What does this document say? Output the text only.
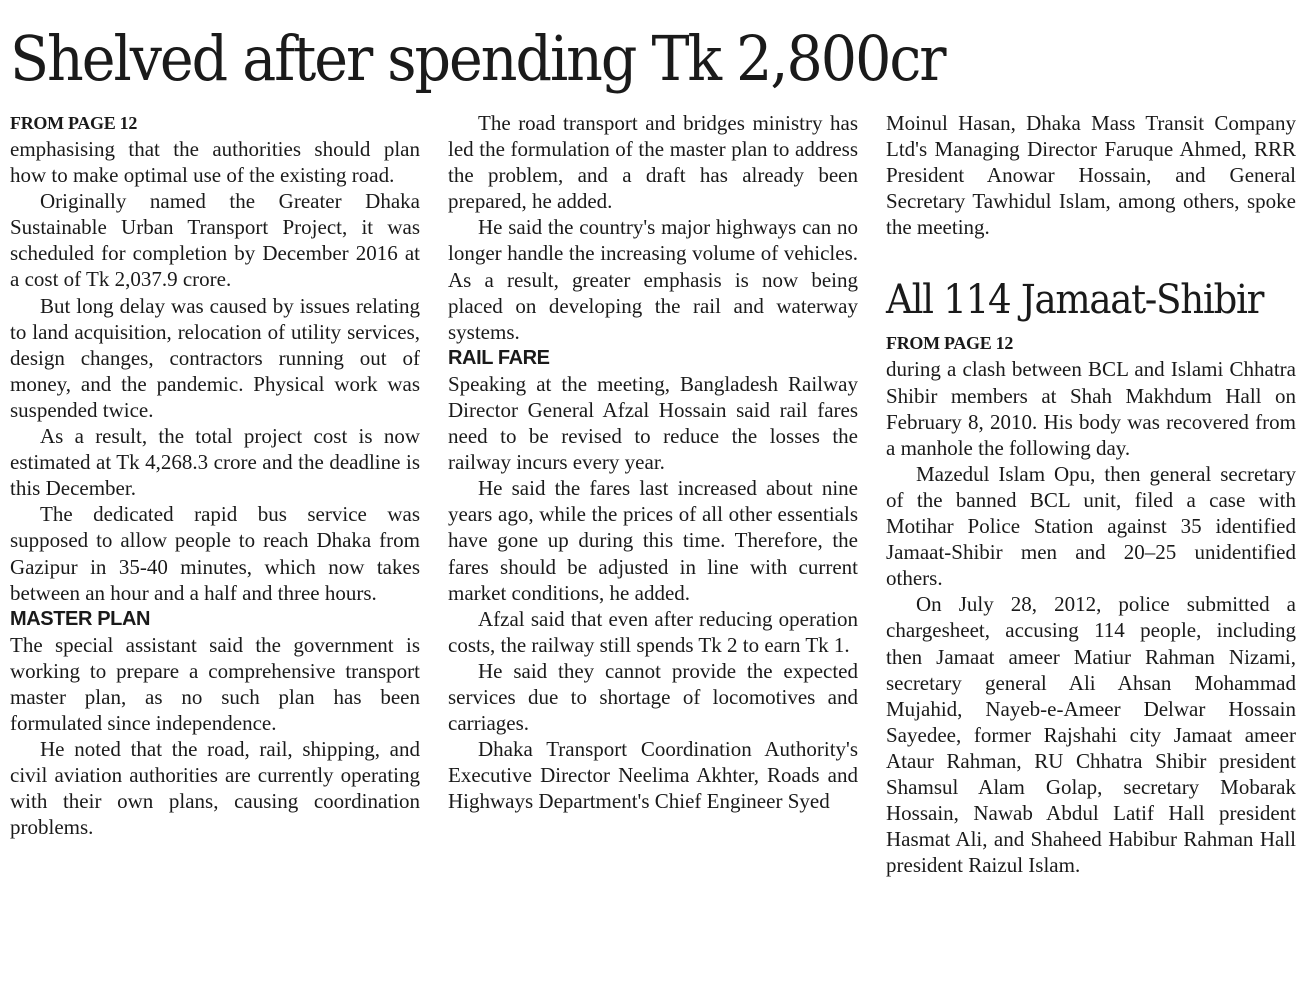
Shelved after spending Tk 2,800cr
FROM PAGE 12

emphasising that the authorities should plan how to make optimal use of the existing road.

Originally named the Greater Dhaka Sustainable Urban Transport Project, it was scheduled for completion by December 2016 at a cost of Tk 2,037.9 crore.

But long delay was caused by issues relating to land acquisition, relocation of utility services, design changes, contractors running out of money, and the pandemic. Physical work was suspended twice.

As a result, the total project cost is now estimated at Tk 4,268.3 crore and the deadline is this December.

The dedicated rapid bus service was supposed to allow people to reach Dhaka from Gazipur in 35-40 minutes, which now takes between an hour and a half and three hours.

MASTER PLAN

The special assistant said the government is working to prepare a comprehensive transport master plan, as no such plan has been formulated since independence.

He noted that the road, rail, shipping, and civil aviation authorities are currently operating with their own plans, causing coordination problems.

The road transport and bridges ministry has led the formulation of the master plan to address the problem, and a draft has already been prepared, he added.

He said the country's major highways can no longer handle the increasing volume of vehicles. As a result, greater emphasis is now being placed on developing the rail and waterway systems.

RAIL FARE

Speaking at the meeting, Bangladesh Railway Director General Afzal Hossain said rail fares need to be revised to reduce the losses the railway incurs every year.

He said the fares last increased about nine years ago, while the prices of all other essentials have gone up during this time. Therefore, the fares should be adjusted in line with current market conditions, he added.

Afzal said that even after reducing operation costs, the railway still spends Tk 2 to earn Tk 1.

He said they cannot provide the expected services due to shortage of locomotives and carriages.

Dhaka Transport Coordination Authority's Executive Director Neelima Akhter, Roads and Highways Department's Chief Engineer Syed

Moinul Hasan, Dhaka Mass Transit Company Ltd's Managing Director Faruque Ahmed, RRR President Anowar Hossain, and General Secretary Tawhidul Islam, among others, spoke the meeting.

All 114 Jamaat-Shibir
FROM PAGE 12

during a clash between BCL and Islami Chhatra Shibir members at Shah Makhdum Hall on February 8, 2010. His body was recovered from a manhole the following day.

Mazedul Islam Opu, then general secretary of the banned BCL unit, filed a case with Motihar Police Station against 35 identified Jamaat-Shibir men and 20–25 unidentified others.

On July 28, 2012, police submitted a chargesheet, accusing 114 people, including then Jamaat ameer Matiur Rahman Nizami, secretary general Ali Ahsan Mohammad Mujahid, Nayeb-e-Ameer Delwar Hossain Sayedee, former Rajshahi city Jamaat ameer Ataur Rahman, RU Chhatra Shibir president Shamsul Alam Golap, secretary Mobarak Hossain, Nawab Abdul Latif Hall president Hasmat Ali, and Shaheed Habibur Rahman Hall president Raizul Islam.
